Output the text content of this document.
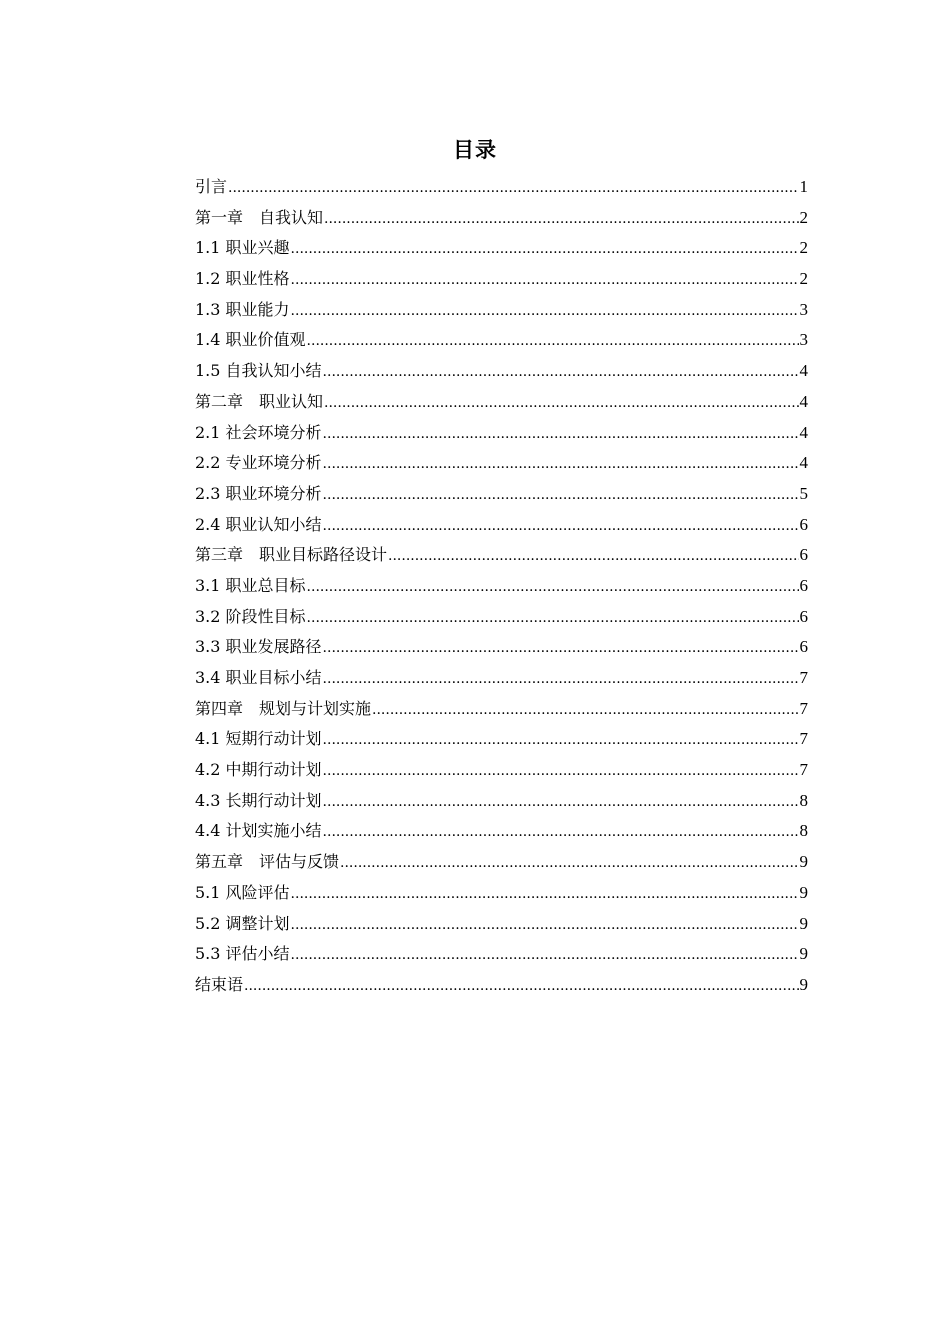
目录
引言 .....	1
第一章　自我认知 .....	2
1.1 职业兴趣 .....	2
1.2 职业性格 .....	2
1.3 职业能力 .....	3
1.4 职业价值观 .....	3
1.5 自我认知小结 .....	4
第二章　职业认知 .....	4
2.1 社会环境分析 .....	4
2.2 专业环境分析 .....	4
2.3 职业环境分析 .....	5
2.4 职业认知小结 .....	6
第三章　职业目标路径设计 .....	6
3.1 职业总目标 .....	6
3.2 阶段性目标 .....	6
3.3 职业发展路径 .....	6
3.4 职业目标小结 .....	7
第四章　规划与计划实施 .....	7
4.1 短期行动计划 .....	7
4.2 中期行动计划 .....	7
4.3 长期行动计划 .....	8
4.4 计划实施小结 .....	8
第五章　评估与反馈 .....	9
5.1 风险评估 .....	9
5.2 调整计划 .....	9
5.3 评估小结 .....	9
结束语 .....	9
